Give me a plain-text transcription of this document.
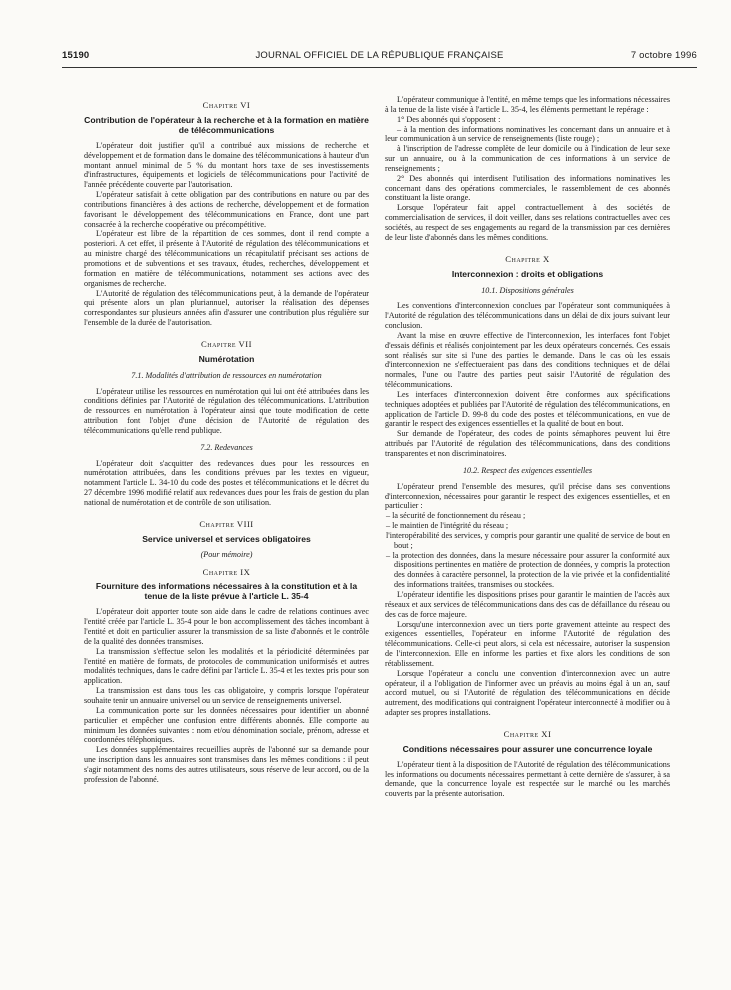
15190	JOURNAL OFFICIEL DE LA RÉPUBLIQUE FRANÇAISE	7 octobre 1996
Chapitre VI
Contribution de l'opérateur à la recherche et à la formation en matière de télécommunications

L'opérateur doit justifier qu'il a contribué aux missions de recherche et développement et de formation dans le domaine des télécommunications à hauteur d'un montant annuel minimal de 5 % du montant hors taxe de ses investissements d'infrastructures, équipements et logiciels de télécommunications pour l'activité de l'année précédente couverte par l'autorisation.

L'opérateur satisfait à cette obligation par des contributions en nature ou par des contributions financières à des actions de recherche, développement et de formation favorisant le développement des télécommunications en France, dont une part consacrée à la recherche coopérative ou précompétitive.

L'opérateur est libre de la répartition de ces sommes, dont il rend compte a posteriori. A cet effet, il présente à l'Autorité de régulation des télécommunications et au ministre chargé des télécommunications un récapitulatif précisant ses actions de promotions et de subventions et ses travaux, études, recherches, développement et formation en matière de télécommunications, notamment ses actions avec des organismes de recherche.

L'Autorité de régulation des télécommunications peut, à la demande de l'opérateur qui présente alors un plan pluriannuel, autoriser la réalisation des dépenses correspondantes sur plusieurs années afin d'assurer une contribution plus régulière sur l'ensemble de la durée de l'autorisation.

Chapitre VII
Numérotation
7.1. Modalités d'attribution de ressources en numérotation

L'opérateur utilise les ressources en numérotation qui lui ont été attribuées dans les conditions définies par l'Autorité de régulation des télécommunications. L'attribution de ressources en numérotation à l'opérateur ainsi que toute modification de cette attribution font l'objet d'une décision de l'Autorité de régulation des télécommunications qu'elle rend publique.

7.2. Redevances

L'opérateur doit s'acquitter des redevances dues pour les ressources en numérotation attribuées, dans les conditions prévues par les textes en vigueur, notamment l'article L. 34-10 du code des postes et télécommunications et le décret du 27 décembre 1996 modifié relatif aux redevances dues pour les frais de gestion du plan national de numérotation et de contrôle de son utilisation.

Chapitre VIII
Service universel et services obligatoires
(Pour mémoire)
Chapitre IX
Fourniture des informations nécessaires à la constitution et à la tenue de la liste prévue à l'article L. 35-4

L'opérateur doit apporter toute son aide dans le cadre de relations continues avec l'entité créée par l'article L. 35-4 pour le bon accomplissement des tâches incombant à l'entité et doit en particulier assurer la transmission de sa liste d'abonnés et le contrôle de la qualité des données transmises.

La transmission s'effectue selon les modalités et la périodicité déterminées par l'entité en matière de formats, de protocoles de communication uniformisés et autres modalités techniques, dans le cadre défini par l'article L. 35-4 et les textes pris pour son application.

La transmission est dans tous les cas obligatoire, y compris lorsque l'opérateur souhaite tenir un annuaire universel ou un service de renseignements universel.

La communication porte sur les données nécessaires pour identifier un abonné particulier et empêcher une confusion entre différents abonnés. Elle comporte au minimum les données suivantes : nom et/ou dénomination sociale, prénom, adresse et coordonnées téléphoniques.

Les données supplémentaires recueillies auprès de l'abonné sur sa demande pour une inscription dans les annuaires sont transmises dans les mêmes conditions : il peut s'agir notamment des noms des autres utilisateurs, sous réserve de leur accord, ou de la profession de l'abonné.

L'opérateur communique à l'entité, en même temps que les informations nécessaires à la tenue de la liste visée à l'article L. 35-4, les éléments permettant le repérage :

1° Des abonnés qui s'opposent :

– à la mention des informations nominatives les concernant dans un annuaire et à leur communication à un service de renseignements (liste rouge) ;

à l'inscription de l'adresse complète de leur domicile ou à l'indication de leur sexe sur un annuaire, ou à la communication de ces informations à un service de renseignements ;

2° Des abonnés qui interdisent l'utilisation des informations nominatives les concernant dans des opérations commerciales, le rassemblement de ces abonnés constituant la liste orange.

Lorsque l'opérateur fait appel contractuellement à des sociétés de commercialisation de services, il doit veiller, dans ses relations contractuelles avec ces sociétés, au respect de ses engagements au regard de la transmission par ces dernières de leur liste d'abonnés dans les mêmes conditions.

Chapitre X
Interconnexion : droits et obligations
10.1. Dispositions générales

Les conventions d'interconnexion conclues par l'opérateur sont communiquées à l'Autorité de régulation des télécommunications dans un délai de dix jours suivant leur conclusion.

Avant la mise en œuvre effective de l'interconnexion, les interfaces font l'objet d'essais définis et réalisés conjointement par les deux opérateurs concernés. Ces essais sont réalisés sur site si l'une des parties le demande. Dans le cas où les essais d'interconnexion ne s'effectueraient pas dans des conditions techniques et de délai normales, l'une ou l'autre des parties peut saisir l'Autorité de régulation des télécommunications.

Les interfaces d'interconnexion doivent être conformes aux spécifications techniques adoptées et publiées par l'Autorité de régulation des télécommunications, en application de l'article D. 99-8 du code des postes et télécommunications, en vue de garantir le respect des exigences essentielles et la qualité de bout en bout.

Sur demande de l'opérateur, des codes de points sémaphores peuvent lui être attribués par l'Autorité de régulation des télécommunications, dans des conditions transparentes et non discriminatoires.

10.2. Respect des exigences essentielles

L'opérateur prend l'ensemble des mesures, qu'il précise dans ses conventions d'interconnexion, nécessaires pour garantir le respect des exigences essentielles, et en particulier :

– la sécurité de fonctionnement du réseau ;

– le maintien de l'intégrité du réseau ;

l'interopérabilité des services, y compris pour garantir une qualité de service de bout en bout ;

– la protection des données, dans la mesure nécessaire pour assurer la conformité aux dispositions pertinentes en matière de protection de données, y compris la protection des données à caractère personnel, la protection de la vie privée et la confidentialité des informations traitées, transmises ou stockées.

L'opérateur identifie les dispositions prises pour garantir le maintien de l'accès aux réseaux et aux services de télécommunications dans des cas de défaillance du réseau ou des cas de force majeure.

Lorsqu'une interconnexion avec un tiers porte gravement atteinte au respect des exigences essentielles, l'opérateur en informe l'Autorité de régulation des télécommunications. Celle-ci peut alors, si cela est nécessaire, autoriser la suspension de l'interconnexion. Elle en informe les parties et fixe alors les conditions de son rétablissement.

Lorsque l'opérateur a conclu une convention d'interconnexion avec un autre opérateur, il a l'obligation de l'informer avec un préavis au moins égal à un an, sauf accord mutuel, ou si l'Autorité de régulation des télécommunications en décide autrement, des modifications qui contraignent l'opérateur interconnecté à modifier ou à adapter ses propres installations.

Chapitre XI
Conditions nécessaires pour assurer une concurrence loyale

L'opérateur tient à la disposition de l'Autorité de régulation des télécommunications les informations ou documents nécessaires permettant à cette dernière de s'assurer, à sa demande, que la concurrence loyale est respectée sur le marché ou les marchés couverts par la présente autorisation.
